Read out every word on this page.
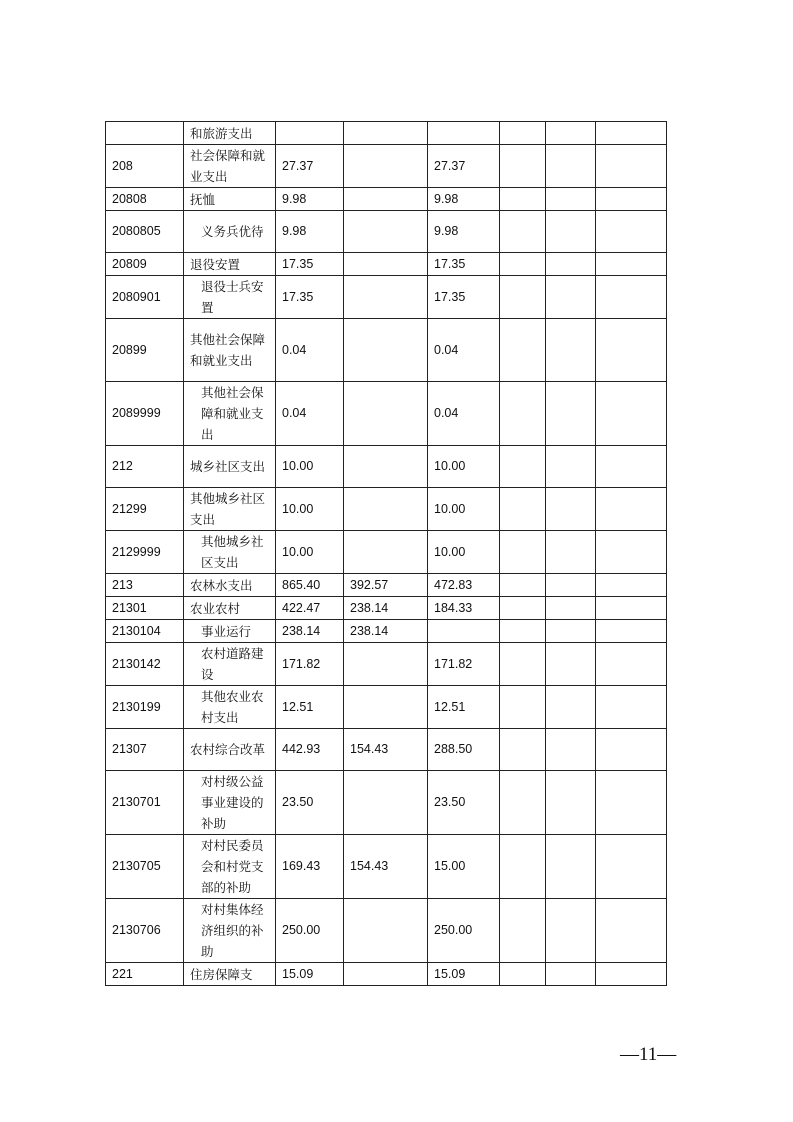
	和旅游支出						
208	社会保障和就业支出	27.37		27.37			
20808	抚恤	9.98		9.98			
2080805	义务兵优待	9.98		9.98			
20809	退役安置	17.35		17.35			
2080901	退役士兵安置	17.35		17.35			
20899	其他社会保障和就业支出	0.04		0.04			
2089999	其他社会保障和就业支出	0.04		0.04			
212	城乡社区支出	10.00		10.00			
21299	其他城乡社区支出	10.00		10.00			
2129999	其他城乡社区支出	10.00		10.00			
213	农林水支出	865.40	392.57	472.83			
21301	农业农村	422.47	238.14	184.33			
2130104	事业运行	238.14	238.14				
2130142	农村道路建设	171.82		171.82			
2130199	其他农业农村支出	12.51		12.51			
21307	农村综合改革	442.93	154.43	288.50			
2130701	对村级公益事业建设的补助	23.50		23.50			
2130705	对村民委员会和村党支部的补助	169.43	154.43	15.00			
2130706	对村集体经济组织的补助	250.00		250.00			
221	住房保障支	15.09		15.09			
—11—
